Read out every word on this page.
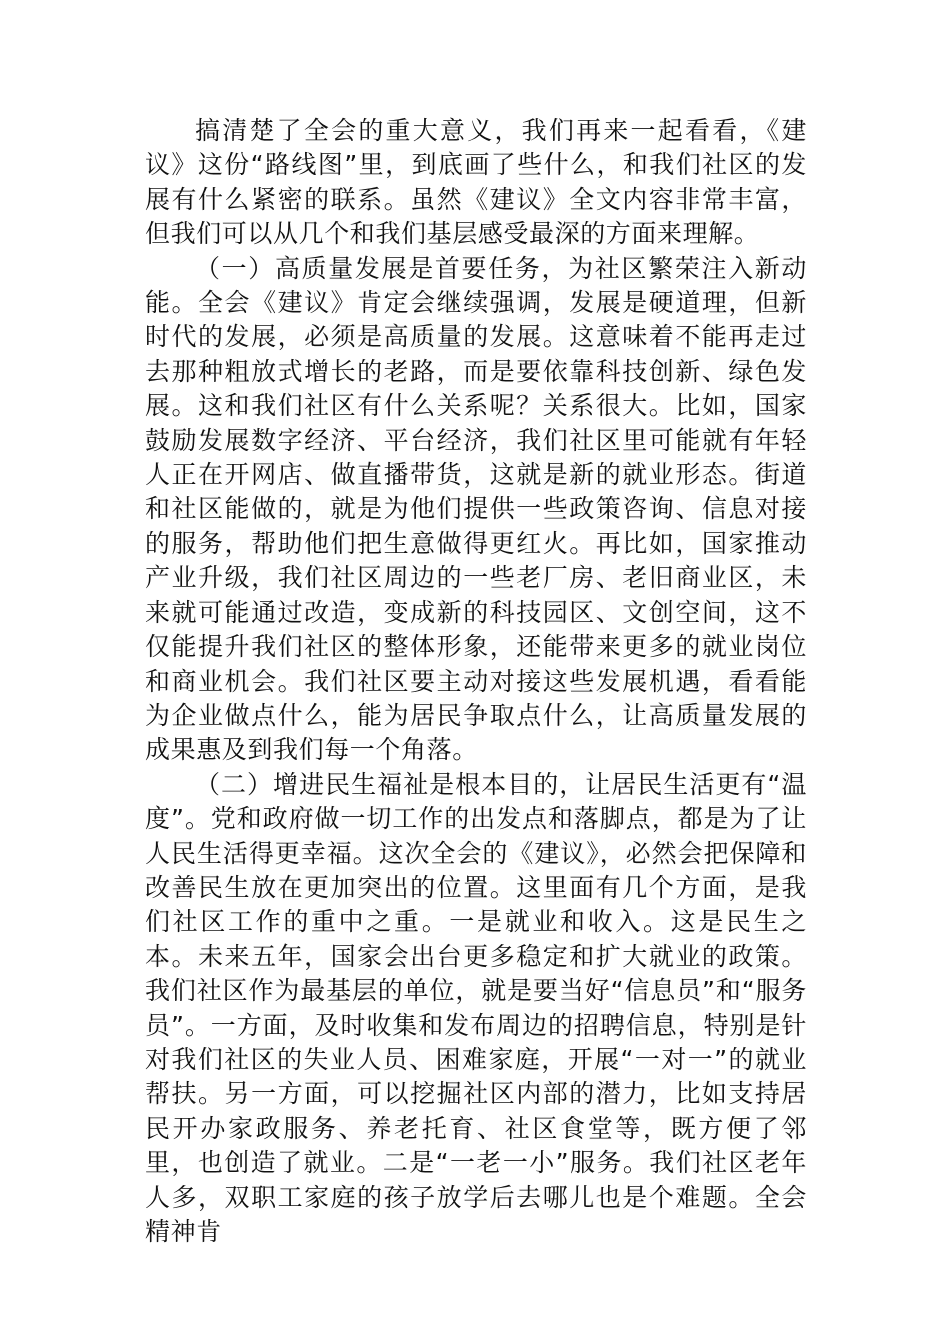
搞清楚了全会的重大意义，我们再来一起看看，《建议》这份“路线图”里，到底画了些什么，和我们社区的发展有什么紧密的联系。虽然《建议》全文内容非常丰富，但我们可以从几个和我们基层感受最深的方面来理解。

（一）高质量发展是首要任务，为社区繁荣注入新动能。全会《建议》肯定会继续强调，发展是硬道理，但新时代的发展，必须是高质量的发展。这意味着不能再走过去那种粗放式增长的老路，而是要依靠科技创新、绿色发展。这和我们社区有什么关系呢？关系很大。比如，国家鼓励发展数字经济、平台经济，我们社区里可能就有年轻人正在开网店、做直播带货，这就是新的就业形态。街道和社区能做的，就是为他们提供一些政策咨询、信息对接的服务，帮助他们把生意做得更红火。再比如，国家推动产业升级，我们社区周边的一些老厂房、老旧商业区，未来就可能通过改造，变成新的科技园区、文创空间，这不仅能提升我们社区的整体形象，还能带来更多的就业岗位和商业机会。我们社区要主动对接这些发展机遇，看看能为企业做点什么，能为居民争取点什么，让高质量发展的成果惠及到我们每一个角落。

（二）增进民生福祉是根本目的，让居民生活更有“温度”。党和政府做一切工作的出发点和落脚点，都是为了让人民生活得更幸福。这次全会的《建议》，必然会把保障和改善民生放在更加突出的位置。这里面有几个方面，是我们社区工作的重中之重。一是就业和收入。这是民生之本。未来五年，国家会出台更多稳定和扩大就业的政策。我们社区作为最基层的单位，就是要当好“信息员”和“服务员”。一方面，及时收集和发布周边的招聘信息，特别是针对我们社区的失业人员、困难家庭，开展“一对一”的就业帮扶。另一方面，可以挖掘社区内部的潜力，比如支持居民开办家政服务、养老托育、社区食堂等，既方便了邻里，也创造了就业。二是“一老一小”服务。我们社区老年人多，双职工家庭的孩子放学后去哪儿也是个难题。全会精神肯
